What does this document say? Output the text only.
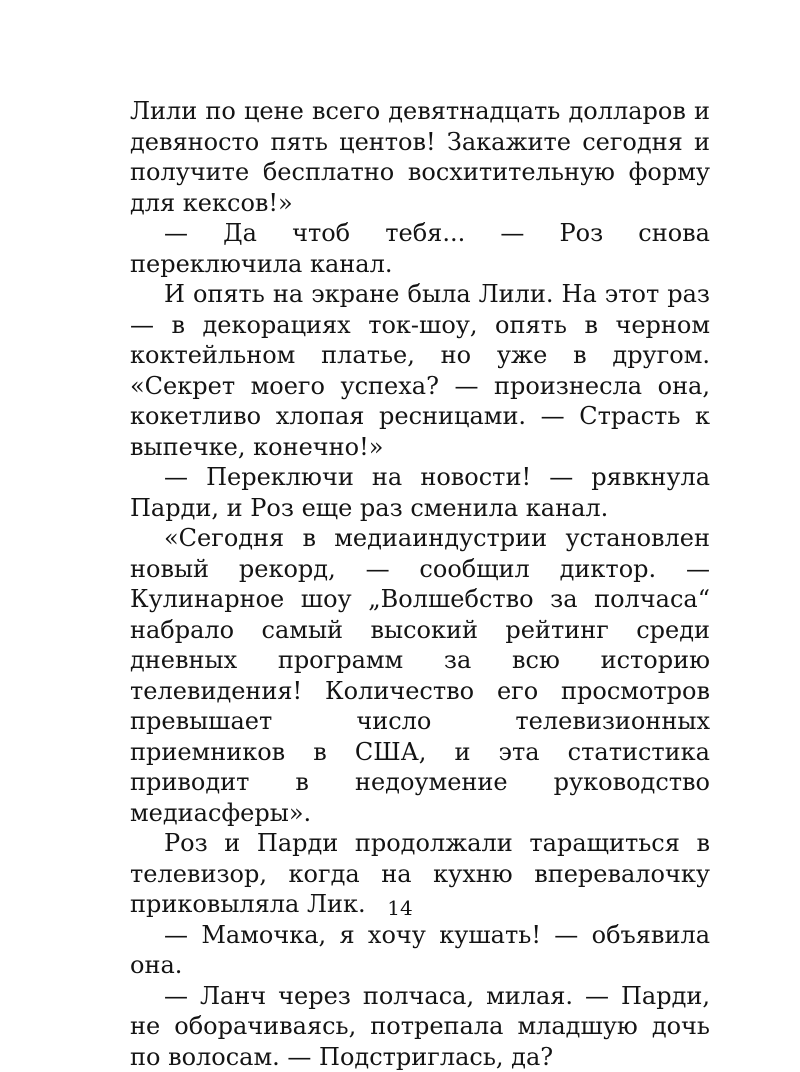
Лили по цене всего девятнадцать долларов и девяносто пять центов! Закажите сегодня и получите бесплатно восхитительную форму для кексов!»

— Да чтоб тебя... — Роз снова переключила канал.

И опять на экране была Лили. На этот раз — в декорациях ток-шоу, опять в черном коктейльном платье, но уже в другом. «Секрет моего успеха? — произнесла она, кокетливо хлопая ресницами. — Страсть к выпечке, конечно!»

— Переключи на новости! — рявкнула Парди, и Роз еще раз сменила канал.

«Сегодня в медиаиндустрии установлен новый рекорд, — сообщил диктор. — Кулинарное шоу „Волшебство за полчаса“ набрало самый высокий рейтинг среди дневных программ за всю историю телевидения! Количество его просмотров превышает число телевизионных приемников в США, и эта статистика приводит в недоумение руководство медиасферы».

Роз и Парди продолжали таращиться в телевизор, когда на кухню вперевалочку приковыляла Лик.

— Мамочка, я хочу кушать! — объявила она.

— Ланч через полчаса, милая. — Парди, не оборачиваясь, потрепала младшую дочь по волосам. — Подстриглась, да?

14
